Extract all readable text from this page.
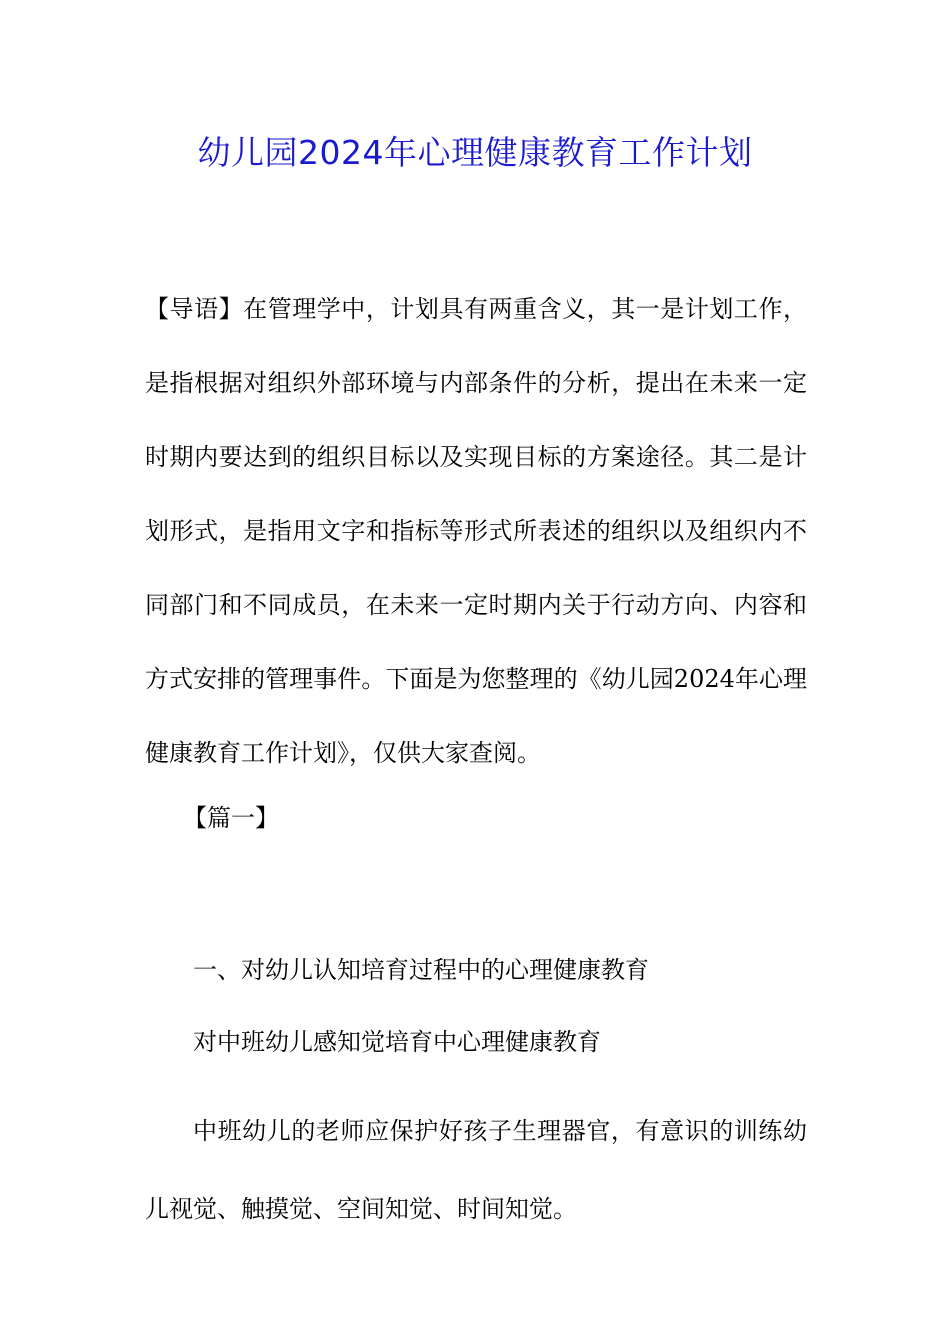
幼儿园2024年心理健康教育工作计划
【导语】在管理学中，计划具有两重含义，其一是计划工作，是指根据对组织外部环境与内部条件的分析，提出在未来一定时期内要达到的组织目标以及实现目标的方案途径。其二是计划形式，是指用文字和指标等形式所表述的组织以及组织内不同部门和不同成员，在未来一定时期内关于行动方向、内容和方式安排的管理事件。下面是为您整理的《幼儿园2024年心理健康教育工作计划》，仅供大家查阅。
【篇一】
一、对幼儿认知培育过程中的心理健康教育
对中班幼儿感知觉培育中心理健康教育
中班幼儿的老师应保护好孩子生理器官，有意识的训练幼儿视觉、触摸觉、空间知觉、时间知觉。
